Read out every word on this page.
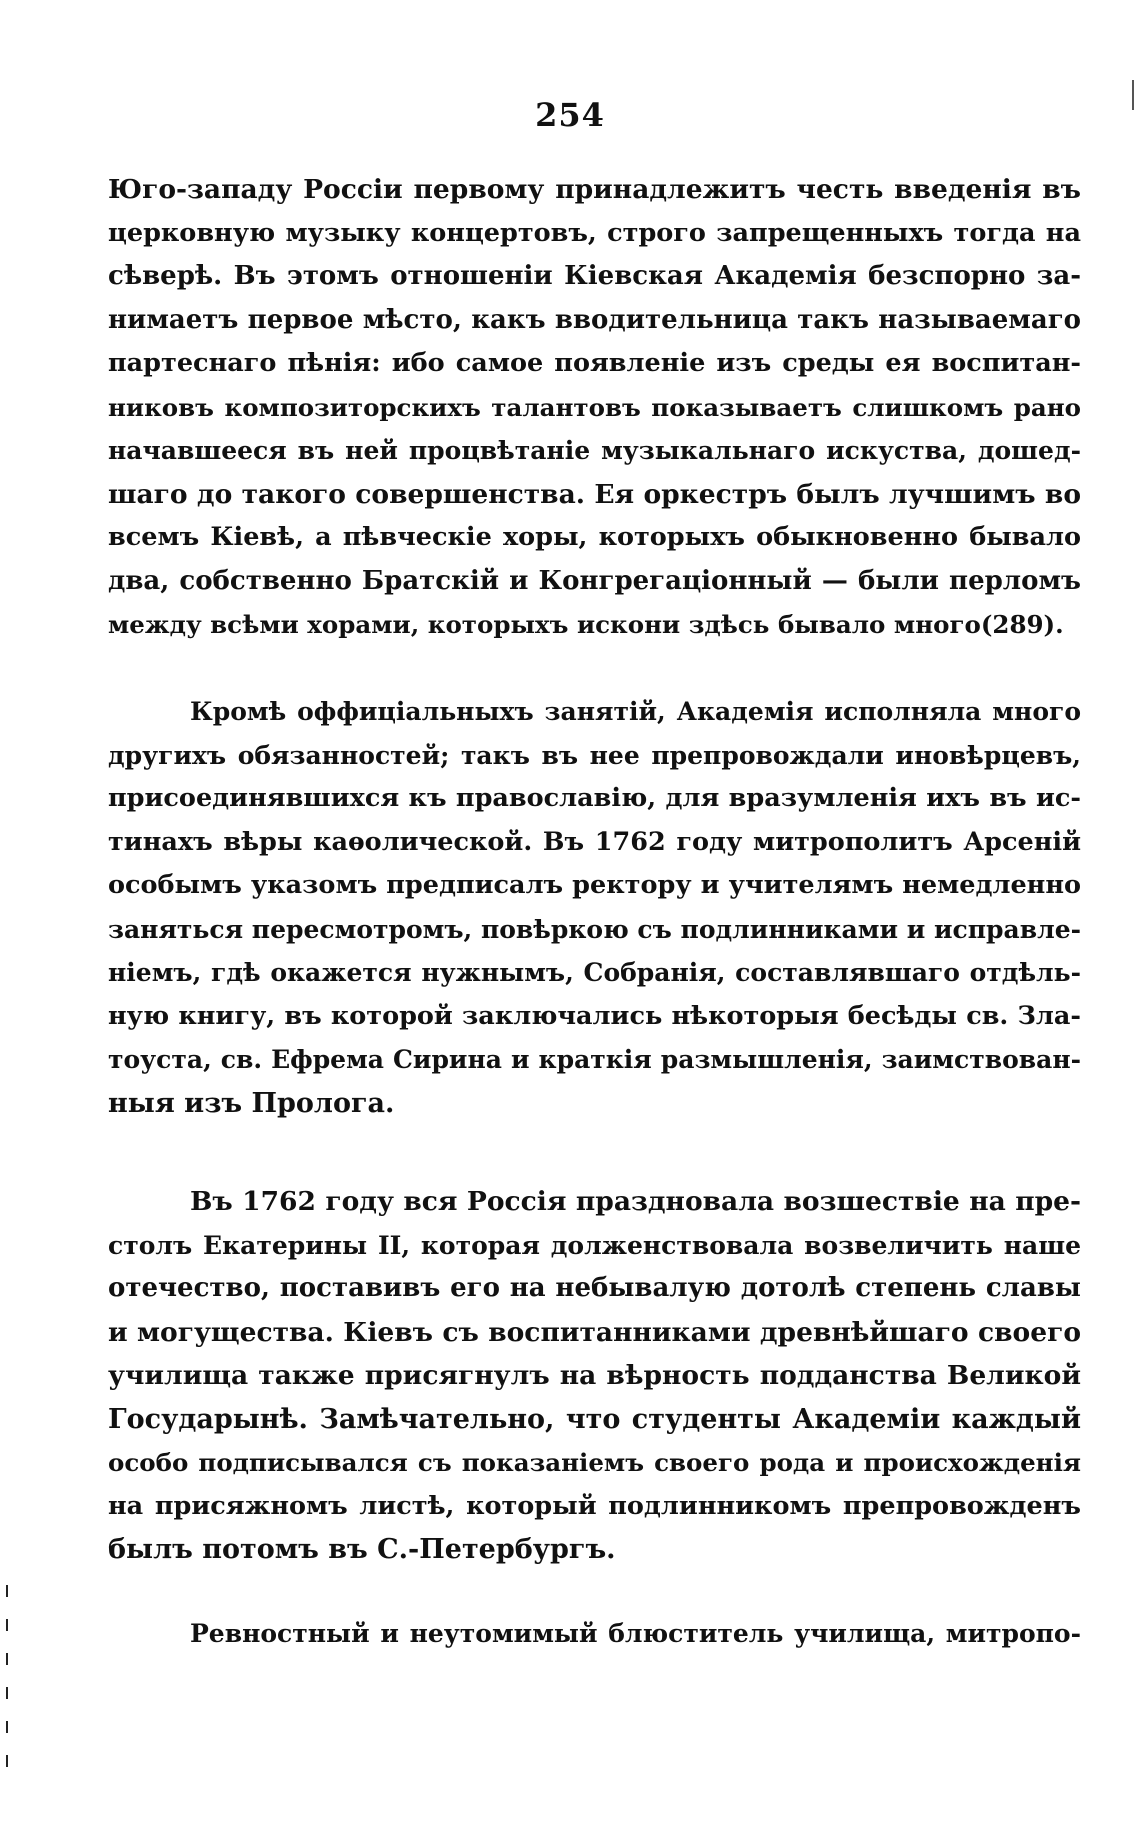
254
Юго-западу Россіи первому принадлежитъ честь введенія въ
церковную музыку концертовъ, строго запрещенныхъ тогда на
сѣверѣ. Въ этомъ отношеніи Кіевская Академія безспорно за-
нимаетъ первое мѣсто, какъ вводительница такъ называемаго
партеснаго пѣнія: ибо самое появленіе изъ среды ея воспитан-
никовъ композиторскихъ талантовъ показываетъ слишкомъ рано
начавшееся въ ней процвѣтаніе музыкальнаго искуства, дошед-
шаго до такого совершенства. Ея оркестръ былъ лучшимъ во
всемъ Кіевѣ, а пѣвческіе хоры, которыхъ обыкновенно бывало
два, собственно Братскій и Конгрегаціонный — были перломъ
между всѣми хорами, которыхъ искони здѣсь бывало много(289).
Кромѣ оффиціальныхъ занятій, Академія исполняла много
другихъ обязанностей; такъ въ нее препровождали иновѣрцевъ,
присоединявшихся къ православію, для вразумленія ихъ въ ис-
тинахъ вѣры каѳолической. Въ 1762 году митрополитъ Арсеній
особымъ указомъ предписалъ ректору и учителямъ немедленно
заняться пересмотромъ, повѣркою съ подлинниками и исправле-
ніемъ, гдѣ окажется нужнымъ, Собранія, составлявшаго отдѣль-
ную книгу, въ которой заключались нѣкоторыя бесѣды св. Зла-
тоуста, св. Ефрема Сирина и краткія размышленія, заимствован-
ныя изъ Пролога.
Въ 1762 году вся Россія праздновала возшествіе на пре-
столъ Екатерины II, которая долженствовала возвеличить наше
отечество, поставивъ его на небывалую дотолѣ степень славы
и могущества. Кіевъ съ воспитанниками древнѣйшаго своего
училища также присягнулъ на вѣрность подданства Великой
Государынѣ. Замѣчательно, что студенты Академіи каждый
особо подписывался съ показаніемъ своего рода и происхожденія
на присяжномъ листѣ, который подлинникомъ препровожденъ
былъ потомъ въ С.-Петербургъ.
Ревностный и неутомимый блюститель училища, митропо-
